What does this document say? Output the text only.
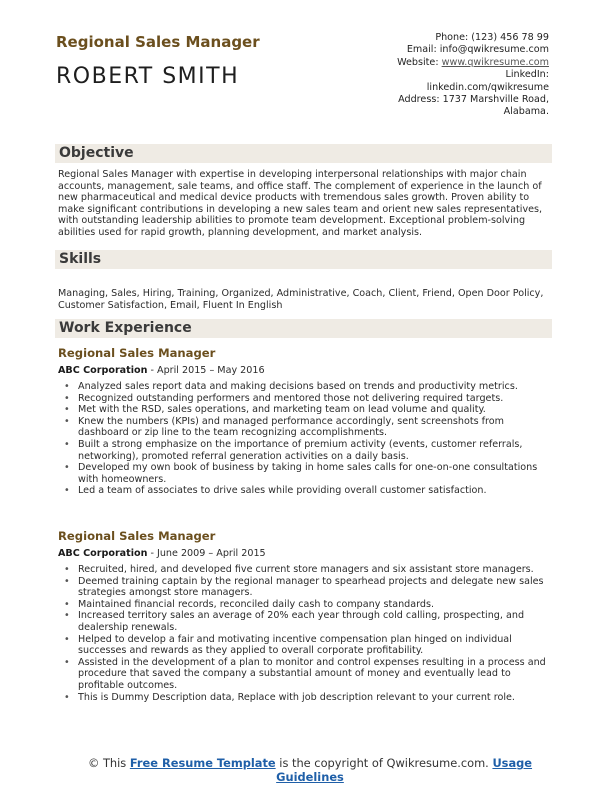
Regional Sales Manager
ROBERT SMITH
Phone: (123) 456 78 99
Email: info@qwikresume.com
Website: www.qwikresume.com
LinkedIn:
linkedin.com/qwikresume
Address: 1737 Marshville Road,
Alabama.
Objective
Regional Sales Manager with expertise in developing interpersonal relationships with major chain accounts, management, sale teams, and office staff. The complement of experience in the launch of new pharmaceutical and medical device products with tremendous sales growth. Proven ability to make significant contributions in developing a new sales team and orient new sales representatives, with outstanding leadership abilities to promote team development. Exceptional problem-solving abilities used for rapid growth, planning development, and market analysis.
Skills
Managing, Sales, Hiring, Training, Organized, Administrative, Coach, Client, Friend, Open Door Policy, Customer Satisfaction, Email, Fluent In English
Work Experience
Regional Sales Manager
ABC Corporation - April 2015 – May 2016
• Analyzed sales report data and making decisions based on trends and productivity metrics.
• Recognized outstanding performers and mentored those not delivering required targets.
• Met with the RSD, sales operations, and marketing team on lead volume and quality.
• Knew the numbers (KPIs) and managed performance accordingly, sent screenshots from dashboard or zip line to the team recognizing accomplishments.
• Built a strong emphasize on the importance of premium activity (events, customer referrals, networking), promoted referral generation activities on a daily basis.
• Developed my own book of business by taking in home sales calls for one-on-one consultations with homeowners.
• Led a team of associates to drive sales while providing overall customer satisfaction.
Regional Sales Manager
ABC Corporation - June 2009 – April 2015
• Recruited, hired, and developed five current store managers and six assistant store managers.
• Deemed training captain by the regional manager to spearhead projects and delegate new sales strategies amongst store managers.
• Maintained financial records, reconciled daily cash to company standards.
• Increased territory sales an average of 20% each year through cold calling, prospecting, and dealership renewals.
• Helped to develop a fair and motivating incentive compensation plan hinged on individual successes and rewards as they applied to overall corporate profitability.
• Assisted in the development of a plan to monitor and control expenses resulting in a process and procedure that saved the company a substantial amount of money and eventually lead to profitable outcomes.
• This is Dummy Description data, Replace with job description relevant to your current role.
© This Free Resume Template is the copyright of Qwikresume.com. Usage Guidelines
